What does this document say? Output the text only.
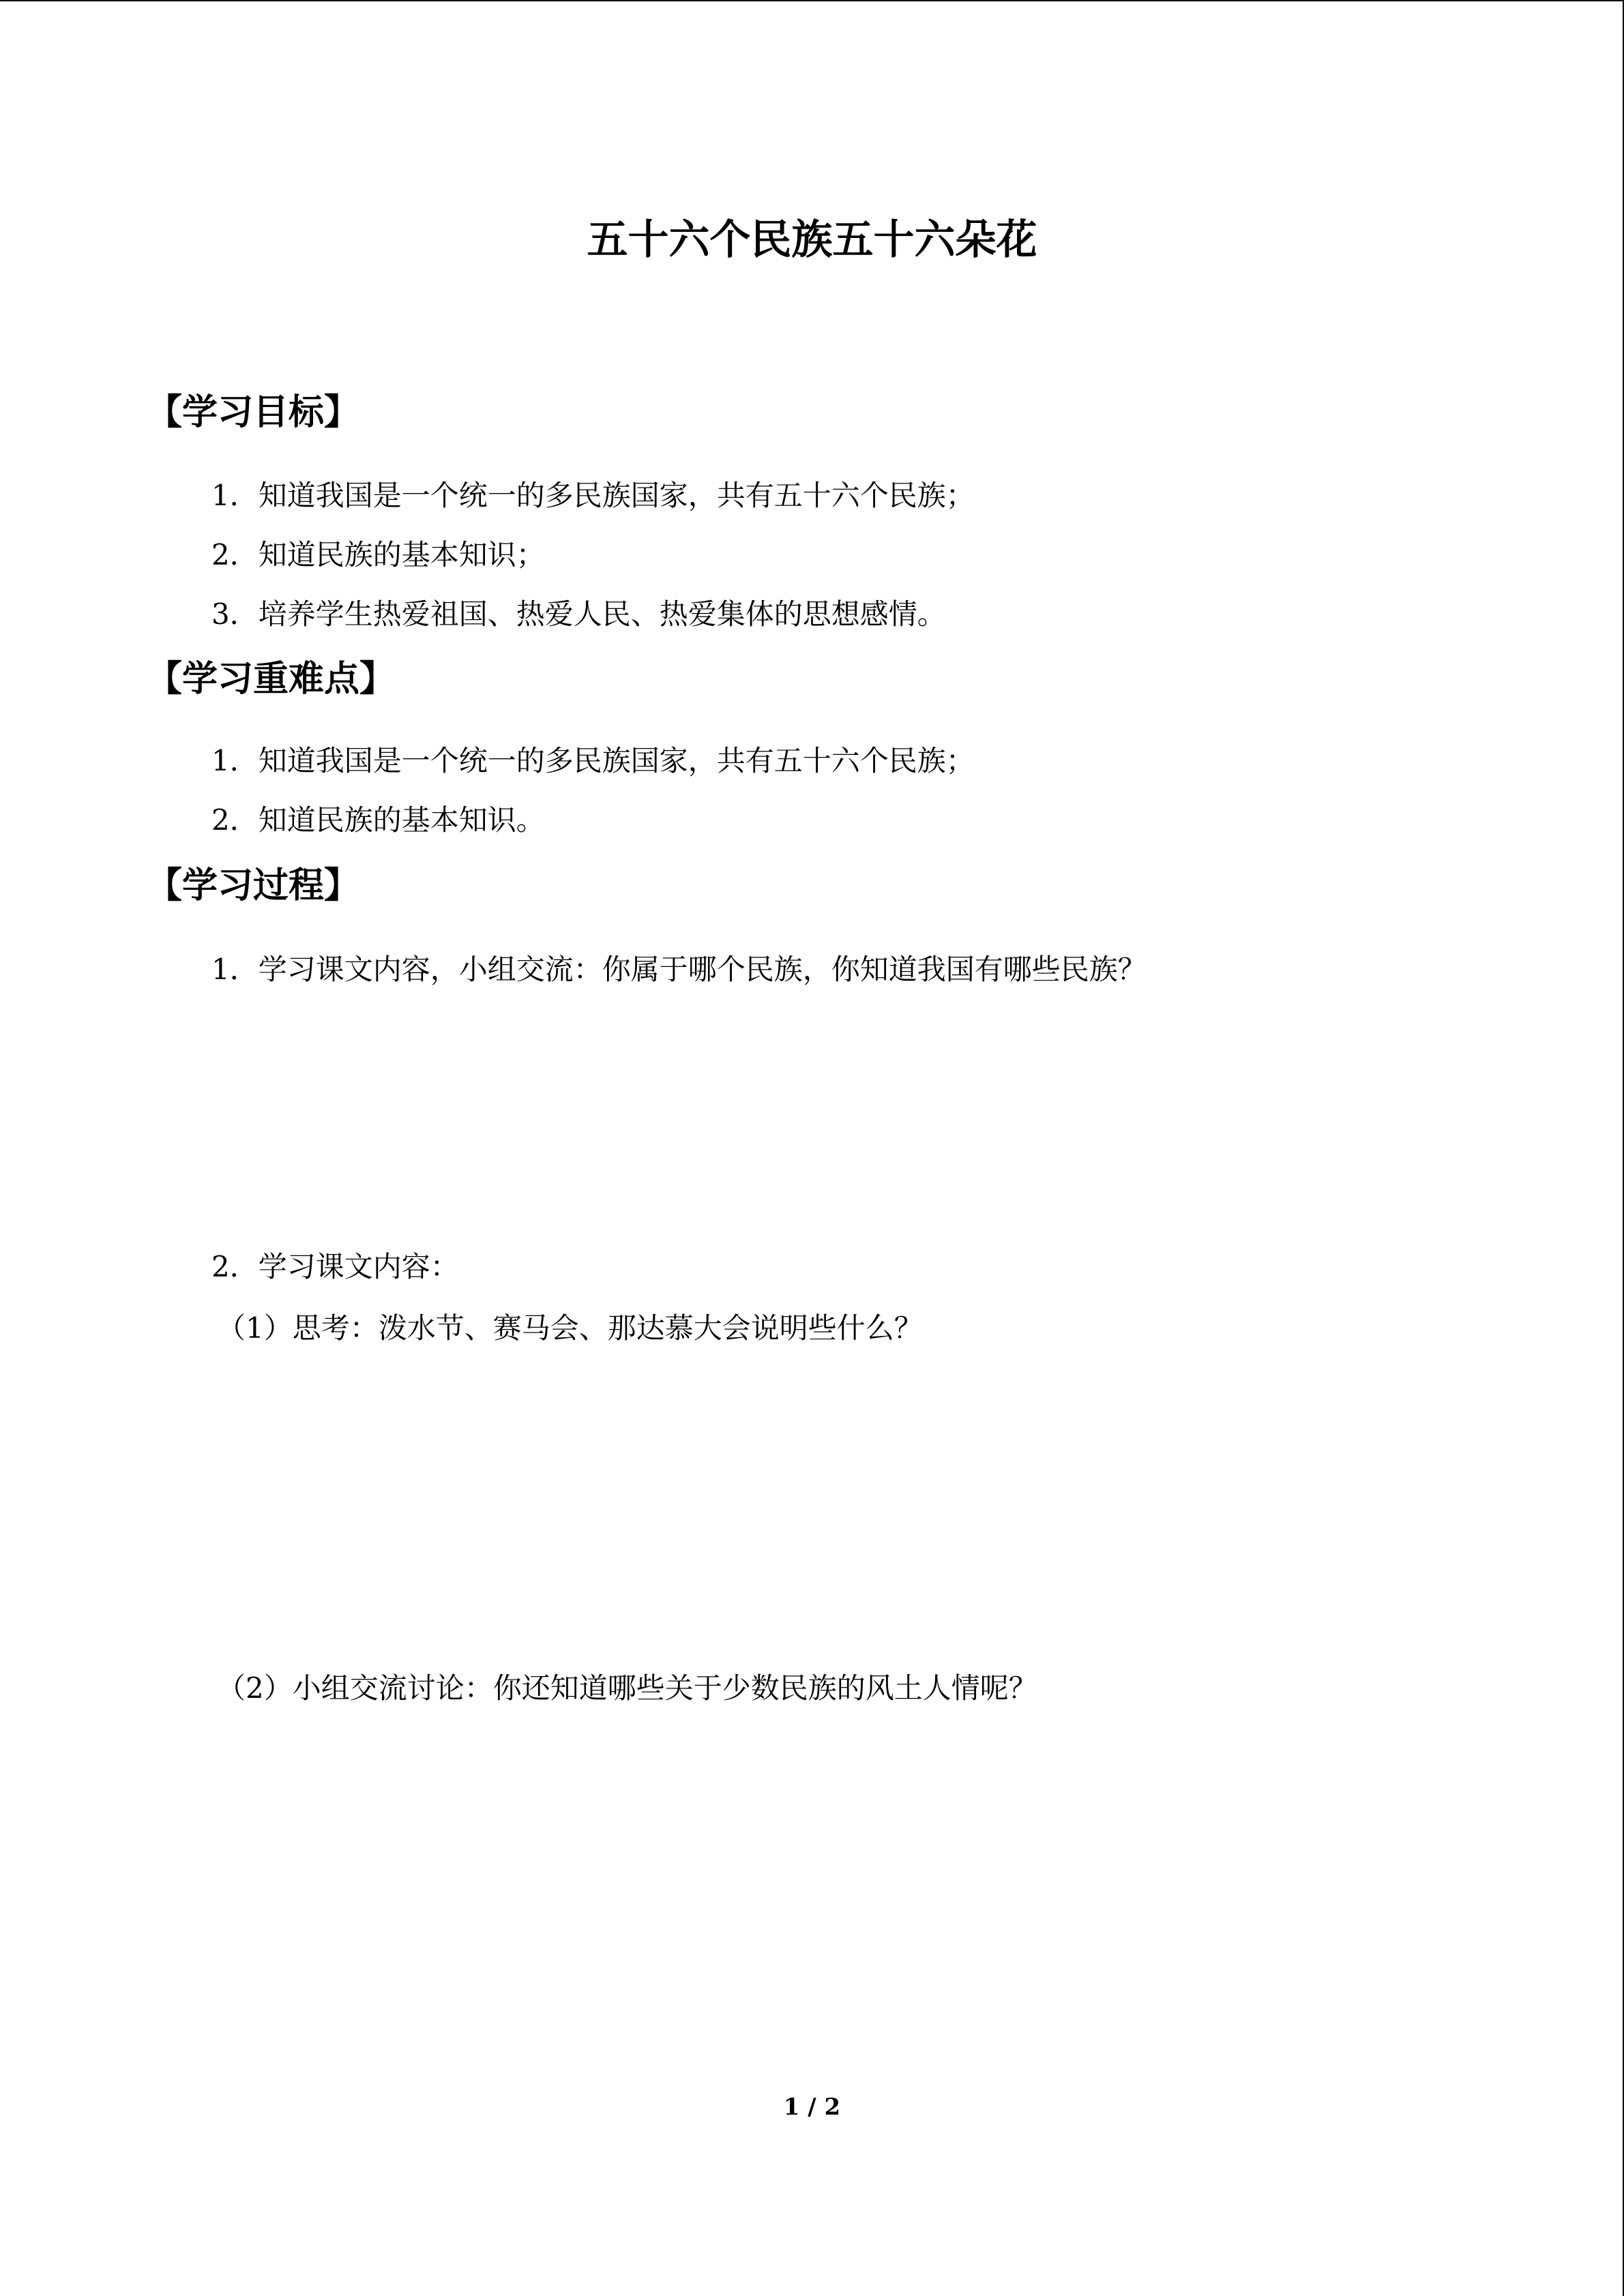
五十六个民族五十六朵花
【学习目标】
1．知道我国是一个统一的多民族国家，共有五十六个民族；
2．知道民族的基本知识；
3．培养学生热爱祖国、热爱人民、热爱集体的思想感情。
【学习重难点】
1．知道我国是一个统一的多民族国家，共有五十六个民族；
2．知道民族的基本知识。
【学习过程】
1．学习课文内容，小组交流：你属于哪个民族，你知道我国有哪些民族？
2．学习课文内容：
（1）思考：泼水节、赛马会、那达慕大会说明些什么？
（2）小组交流讨论：你还知道哪些关于少数民族的风土人情呢？
1 / 2
